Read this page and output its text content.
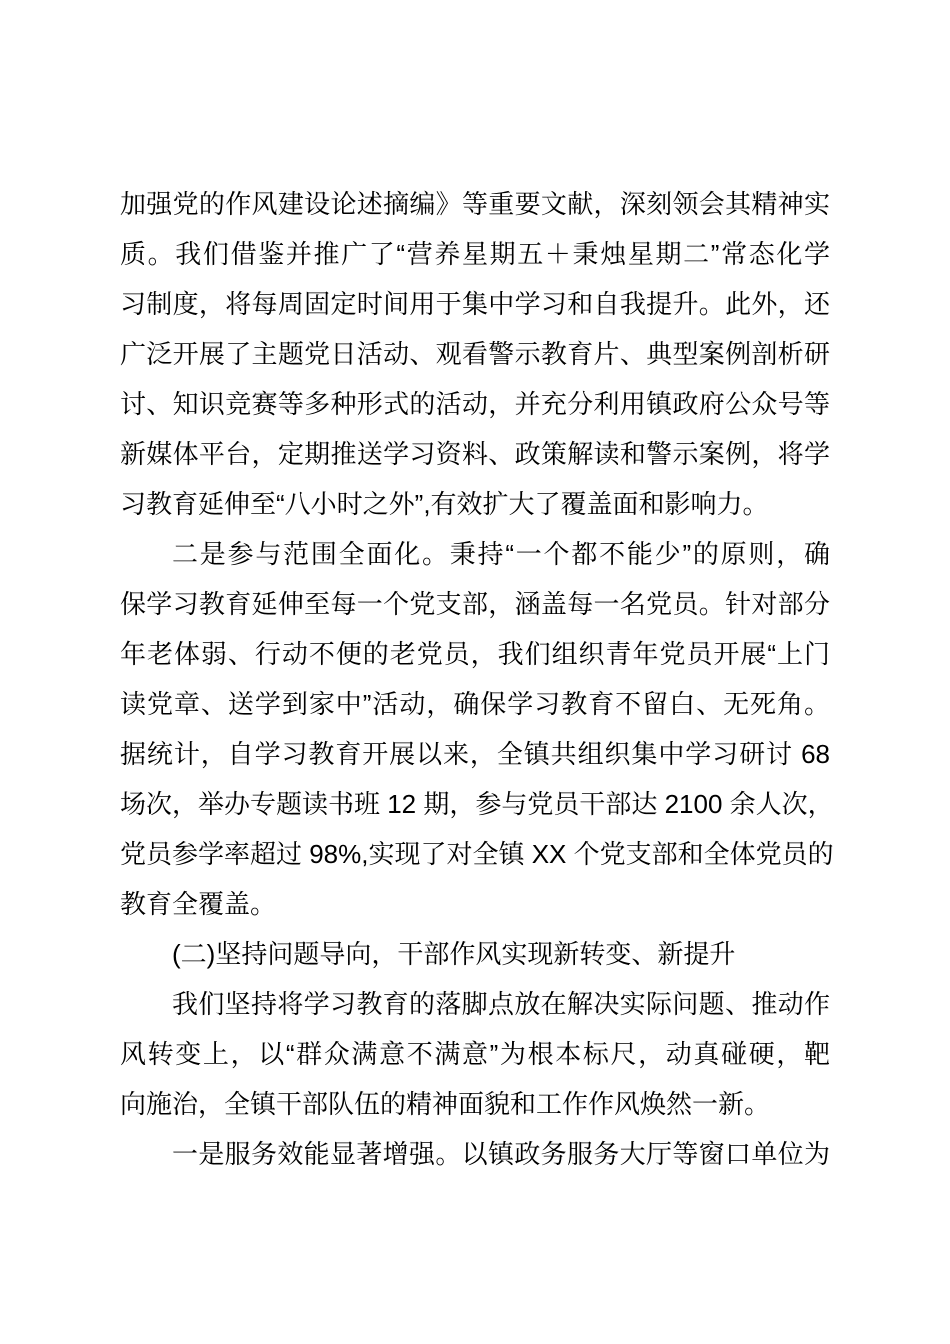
加强党的作风建设论述摘编》等重要文献，深刻领会其精神实
质。我们借鉴并推广了“营养星期五＋秉烛星期二”常态化学
习制度，将每周固定时间用于集中学习和自我提升。此外，还
广泛开展了主题党日活动、观看警示教育片、典型案例剖析研
讨、知识竞赛等多种形式的活动，并充分利用镇政府公众号等
新媒体平台，定期推送学习资料、政策解读和警示案例，将学
习教育延伸至“八小时之外”,有效扩大了覆盖面和影响力。
二是参与范围全面化。秉持“一个都不能少”的原则，确
保学习教育延伸至每一个党支部，涵盖每一名党员。针对部分
年老体弱、行动不便的老党员，我们组织青年党员开展“上门
读党章、送学到家中”活动，确保学习教育不留白、无死角。
据统计，自学习教育开展以来，全镇共组织集中学习研讨 68
场次，举办专题读书班 12 期，参与党员干部达 2100 余人次，
党员参学率超过 98%,实现了对全镇 XX 个党支部和全体党员的
教育全覆盖。
(二)坚持问题导向，干部作风实现新转变、新提升
我们坚持将学习教育的落脚点放在解决实际问题、推动作
风转变上，以“群众满意不满意”为根本标尺，动真碰硬，靶
向施治，全镇干部队伍的精神面貌和工作作风焕然一新。
一是服务效能显著增强。以镇政务服务大厅等窗口单位为
